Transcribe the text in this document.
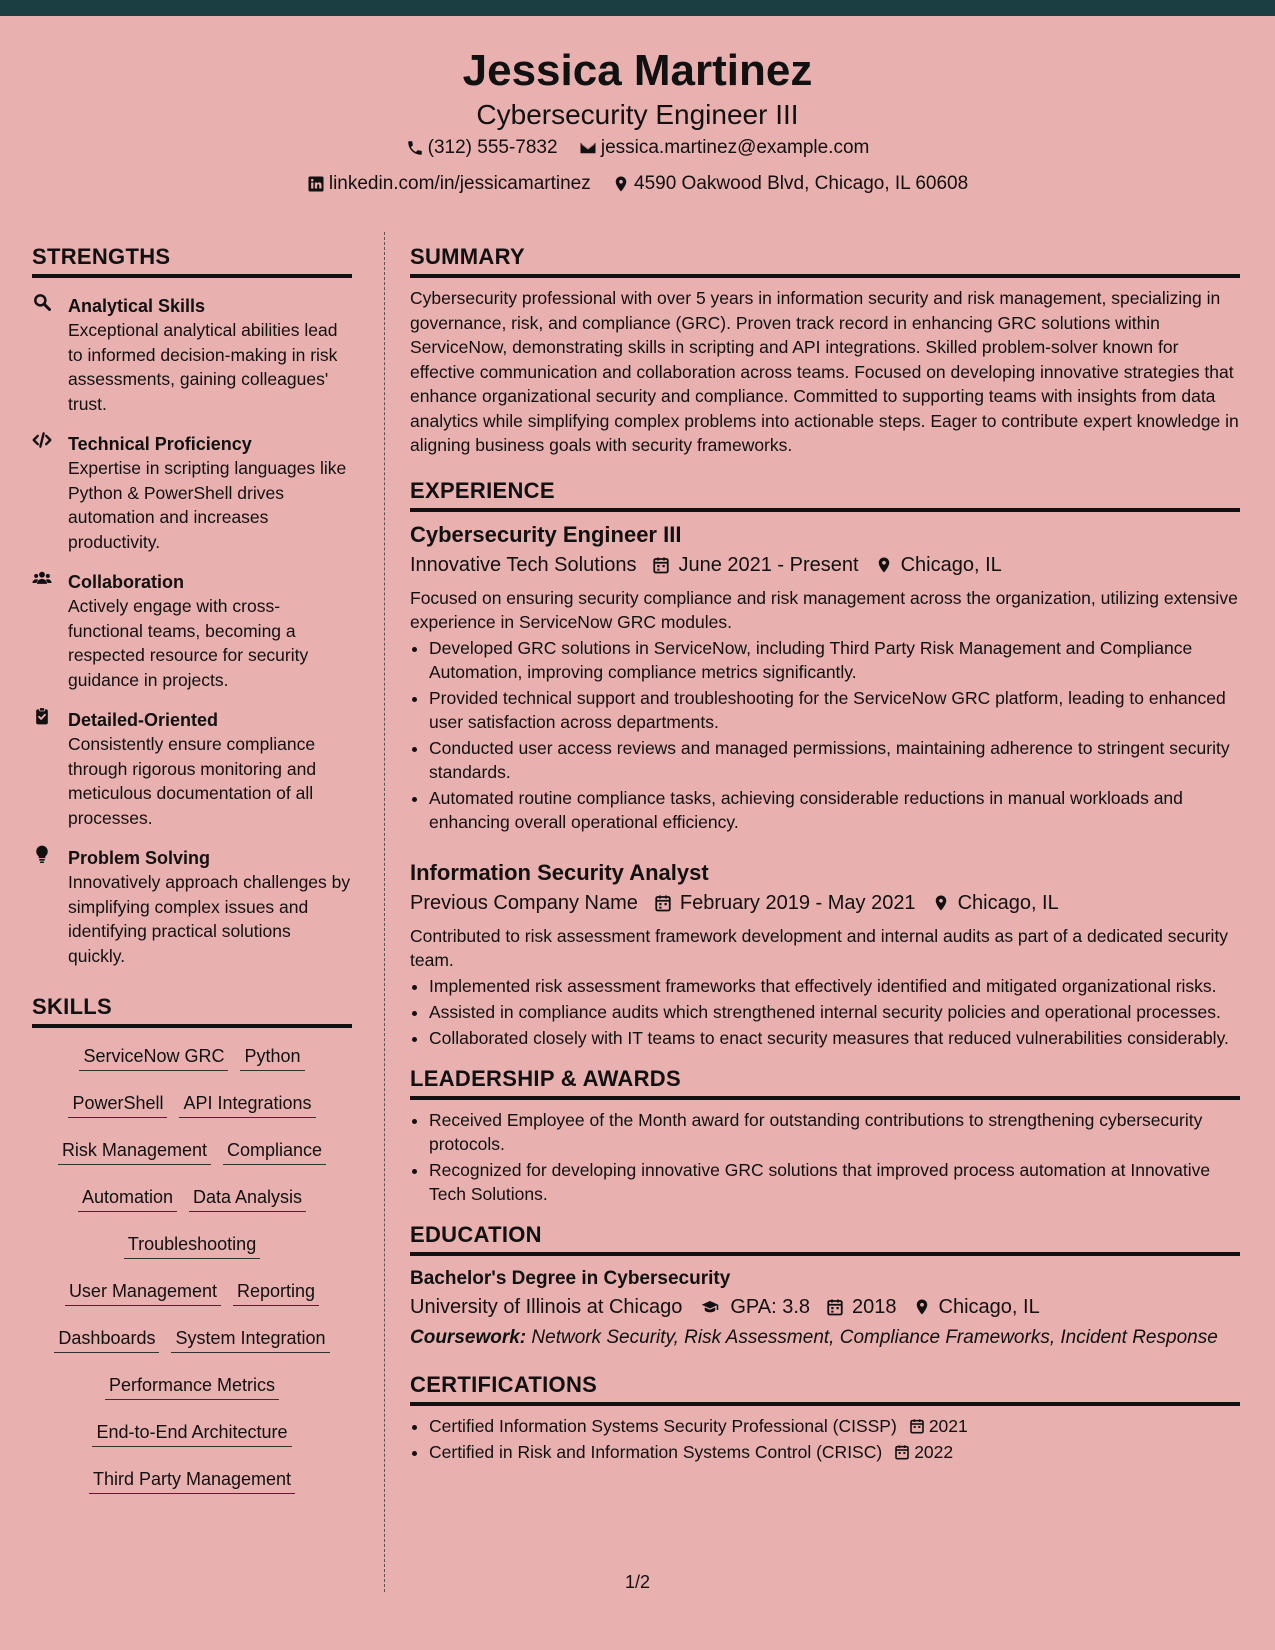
Jessica Martinez
Cybersecurity Engineer III
(312) 555-7832
jessica.martinez@example.com
linkedin.com/in/jessicamartinez
4590 Oakwood Blvd, Chicago, IL 60608
STRENGTHS
Analytical Skills
Exceptional analytical abilities lead to informed decision-making in risk assessments, gaining colleagues' trust.
Technical Proficiency
Expertise in scripting languages like Python & PowerShell drives automation and increases productivity.
Collaboration
Actively engage with cross-functional teams, becoming a respected resource for security guidance in projects.
Detailed-Oriented
Consistently ensure compliance through rigorous monitoring and meticulous documentation of all processes.
Problem Solving
Innovatively approach challenges by simplifying complex issues and identifying practical solutions quickly.
SKILLS
ServiceNow GRC Python
PowerShell API Integrations
Risk Management Compliance
Automation Data Analysis
Troubleshooting
User Management Reporting
Dashboards System Integration
Performance Metrics
End-to-End Architecture
Third Party Management
SUMMARY
Cybersecurity professional with over 5 years in information security and risk management, specializing in governance, risk, and compliance (GRC). Proven track record in enhancing GRC solutions within ServiceNow, demonstrating skills in scripting and API integrations. Skilled problem-solver known for effective communication and collaboration across teams. Focused on developing innovative strategies that enhance organizational security and compliance. Committed to supporting teams with insights from data analytics while simplifying complex problems into actionable steps. Eager to contribute expert knowledge in aligning business goals with security frameworks.
EXPERIENCE
Cybersecurity Engineer III
Innovative Tech Solutions June 2021 - Present Chicago, IL
Focused on ensuring security compliance and risk management across the organization, utilizing extensive experience in ServiceNow GRC modules.
• Developed GRC solutions in ServiceNow, including Third Party Risk Management and Compliance Automation, improving compliance metrics significantly.
• Provided technical support and troubleshooting for the ServiceNow GRC platform, leading to enhanced user satisfaction across departments.
• Conducted user access reviews and managed permissions, maintaining adherence to stringent security standards.
• Automated routine compliance tasks, achieving considerable reductions in manual workloads and enhancing overall operational efficiency.
Information Security Analyst
Previous Company Name February 2019 - May 2021 Chicago, IL
Contributed to risk assessment framework development and internal audits as part of a dedicated security team.
• Implemented risk assessment frameworks that effectively identified and mitigated organizational risks.
• Assisted in compliance audits which strengthened internal security policies and operational processes.
• Collaborated closely with IT teams to enact security measures that reduced vulnerabilities considerably.
LEADERSHIP & AWARDS
• Received Employee of the Month award for outstanding contributions to strengthening cybersecurity protocols.
• Recognized for developing innovative GRC solutions that improved process automation at Innovative Tech Solutions.
EDUCATION
Bachelor's Degree in Cybersecurity
University of Illinois at Chicago GPA: 3.8 2018 Chicago, IL
Coursework: Network Security, Risk Assessment, Compliance Frameworks, Incident Response
CERTIFICATIONS
• Certified Information Systems Security Professional (CISSP) 2021
• Certified in Risk and Information Systems Control (CRISC) 2022
1/2
